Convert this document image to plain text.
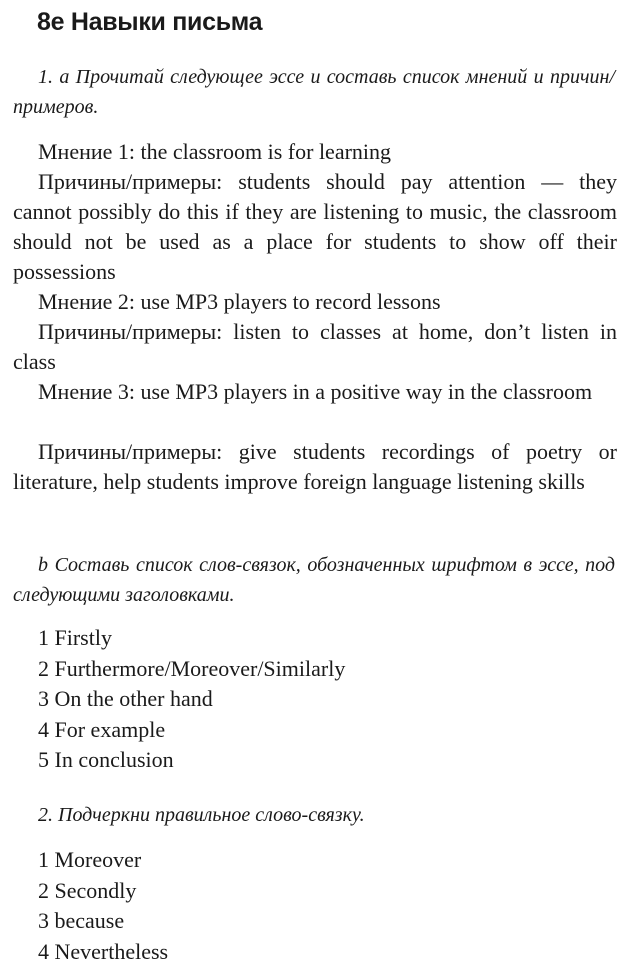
8e Навыки письма

1. a Прочитай следующее эссе и составь список мнений и причин/примеров.

Мнение 1: the classroom is for learning

Причины/примеры: students should pay attention — they cannot possibly do this if they are listening to music, the classroom should not be used as a place for students to show off their possessions

Мнение 2: use MP3 players to record lessons

Причины/примеры: listen to classes at home, don’t listen in class

Мнение 3: use MP3 players in a positive way in the classroom

Причины/примеры: give students recordings of poetry or literature, help students improve foreign language listening skills

b Составь список слов-связок, обозначенных шрифтом в эссе, под следующими заголовками.

1 Firstly
2 Furthermore/Moreover/Similarly
3 On the other hand
4 For example
5 In conclusion

2. Подчеркни правильное слово-связку.

1 Moreover
2 Secondly
3 because
4 Nevertheless
